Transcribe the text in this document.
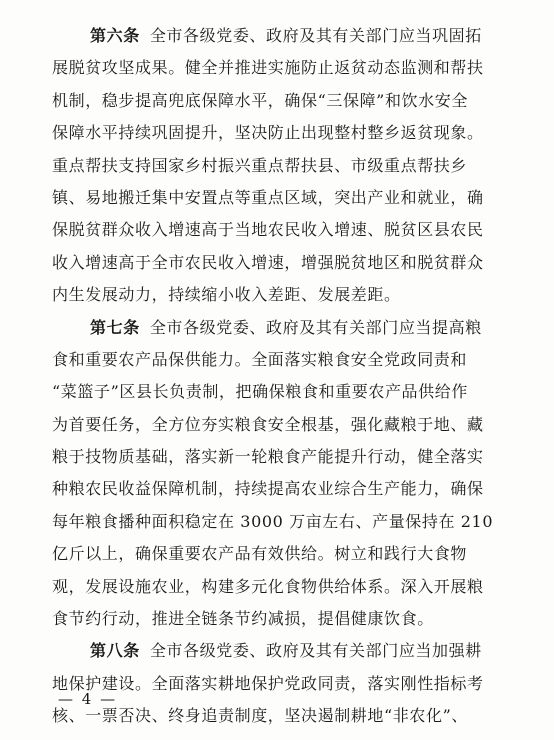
第六条 全市各级党委、政府及其有关部门应当巩固拓
展脱贫攻坚成果。健全并推进实施防止返贫动态监测和帮扶
机制，稳步提高兜底保障水平，确保“三保障”和饮水安全
保障水平持续巩固提升，坚决防止出现整村整乡返贫现象。
重点帮扶支持国家乡村振兴重点帮扶县、市级重点帮扶乡
镇、易地搬迁集中安置点等重点区域，突出产业和就业，确
保脱贫群众收入增速高于当地农民收入增速、脱贫区县农民
收入增速高于全市农民收入增速，增强脱贫地区和脱贫群众
内生发展动力，持续缩小收入差距、发展差距。
第七条 全市各级党委、政府及其有关部门应当提高粮
食和重要农产品保供能力。全面落实粮食安全党政同责和
“菜篮子”区县长负责制，把确保粮食和重要农产品供给作
为首要任务，全方位夯实粮食安全根基，强化藏粮于地、藏
粮于技物质基础，落实新一轮粮食产能提升行动，健全落实
种粮农民收益保障机制，持续提高农业综合生产能力，确保
每年粮食播种面积稳定在 3000 万亩左右、产量保持在 210
亿斤以上，确保重要农产品有效供给。树立和践行大食物
观，发展设施农业，构建多元化食物供给体系。深入开展粮
食节约行动，推进全链条节约减损，提倡健康饮食。
第八条 全市各级党委、政府及其有关部门应当加强耕
地保护建设。全面落实耕地保护党政同责，落实刚性指标考
核、一票否决、终身追责制度，坚决遏制耕地“非农化”、
— 4 —
